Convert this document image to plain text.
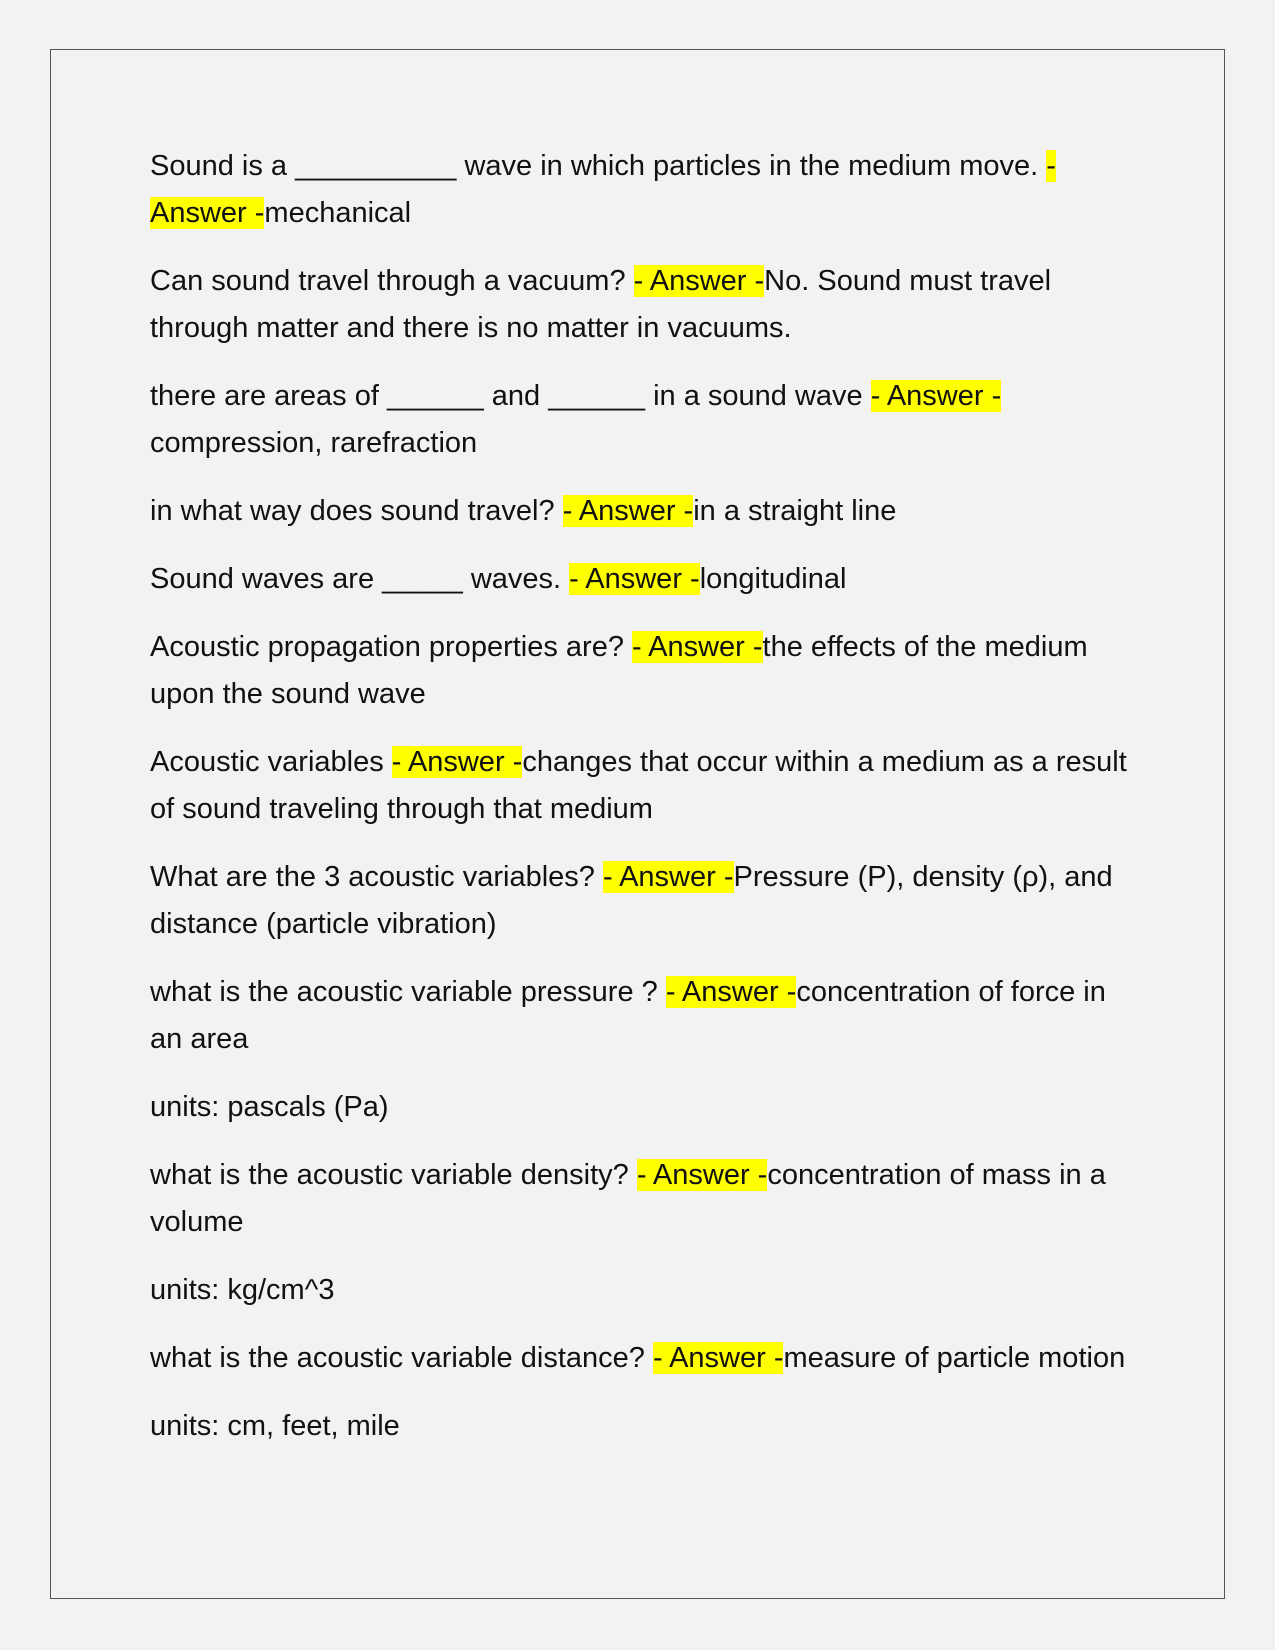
Sound is a __________ wave in which particles in the medium move. - Answer -mechanical

Can sound travel through a vacuum? - Answer -No. Sound must travel through matter and there is no matter in vacuums.

there are areas of ______ and ______ in a sound wave - Answer -compression, rarefraction

in what way does sound travel? - Answer -in a straight line

Sound waves are _____ waves. - Answer -longitudinal

Acoustic propagation properties are? - Answer -the effects of the medium upon the sound wave

Acoustic variables - Answer -changes that occur within a medium as a result of sound traveling through that medium

What are the 3 acoustic variables? - Answer -Pressure (P), density (ρ), and distance (particle vibration)

what is the acoustic variable pressure ? - Answer -concentration of force in an area

units: pascals (Pa)

what is the acoustic variable density? - Answer -concentration of mass in a volume

units: kg/cm^3

what is the acoustic variable distance? - Answer -measure of particle motion

units: cm, feet, mile
